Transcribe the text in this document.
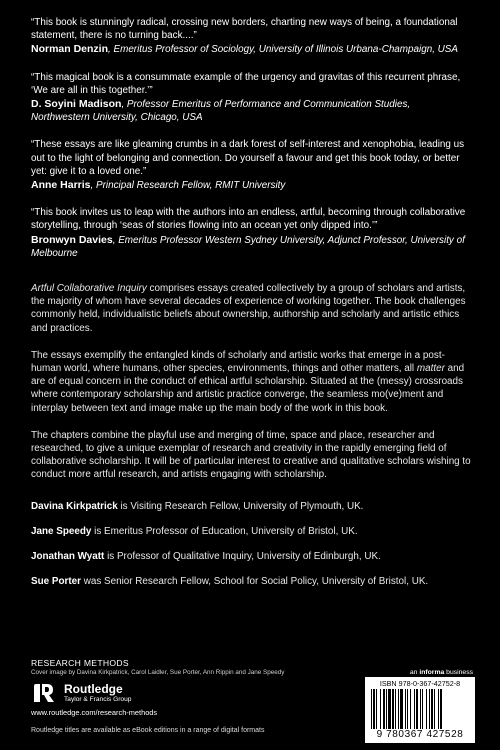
“This book is stunningly radical, crossing new borders, charting new ways of being, a foundational statement, there is no turning back....”
Norman Denzin, Emeritus Professor of Sociology, University of Illinois Urbana-Champaign, USA
“This magical book is a consummate example of the urgency and gravitas of this recurrent phrase, ‘We are all in this together.’”
D. Soyini Madison, Professor Emeritus of Performance and Communication Studies, Northwestern University, Chicago, USA
“These essays are like gleaming crumbs in a dark forest of self-interest and xenophobia, leading us out to the light of belonging and connection. Do yourself a favour and get this book today, or better yet: give it to a loved one.”
Anne Harris, Principal Research Fellow, RMIT University
“This book invites us to leap with the authors into an endless, artful, becoming through collaborative storytelling, through ‘seas of stories flowing into an ocean yet only dipped into.’”
Bronwyn Davies, Emeritus Professor Western Sydney University, Adjunct Professor, University of Melbourne

Artful Collaborative Inquiry comprises essays created collectively by a group of scholars and artists, the majority of whom have several decades of experience of working together. The book challenges commonly held, individualistic beliefs about ownership, authorship and scholarly and artistic ethics and practices.

The essays exemplify the entangled kinds of scholarly and artistic works that emerge in a post-human world, where humans, other species, environments, things and other matters, all matter and are of equal concern in the conduct of ethical artful scholarship. Situated at the (messy) crossroads where contemporary scholarship and artistic practice converge, the seamless mo(ve)ment and interplay between text and image make up the main body of the work in this book.

The chapters combine the playful use and merging of time, space and place, researcher and researched, to give a unique exemplar of research and creativity in the rapidly emerging field of collaborative scholarship. It will be of particular interest to creative and qualitative scholars wishing to conduct more artful research, and artists engaging with scholarship.

Davina Kirkpatrick is Visiting Research Fellow, University of Plymouth, UK.

Jane Speedy is Emeritus Professor of Education, University of Bristol, UK.

Jonathan Wyatt is Professor of Qualitative Inquiry, University of Edinburgh, UK.

Sue Porter was Senior Research Fellow, School for Social Policy, University of Bristol, UK.

RESEARCH METHODS
Cover image by Davina Kirkpatrick, Carol Laidler, Sue Porter, Ann Rippin and Jane Speedy
Routledge
Taylor & Francis Group
www.routledge.com/research-methods
Routledge titles are available as eBook editions in a range of digital formats
an informa business
ISBN 978-0-367-42752-8
9 780367 427528
